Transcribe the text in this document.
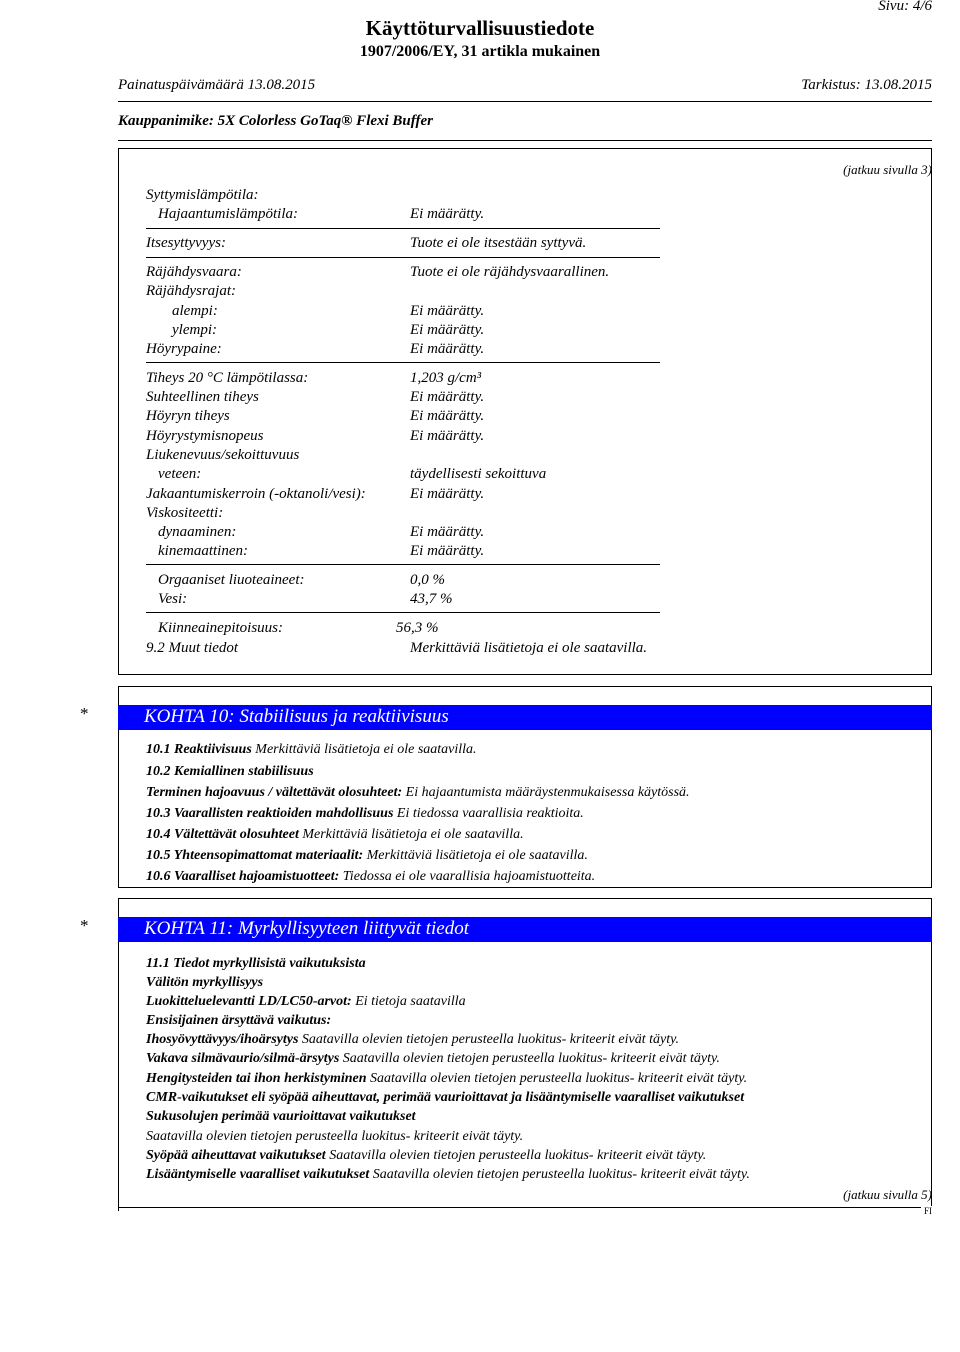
Käyttöturvallisuustiedote
1907/2006/EY, 31 artikla mukainen
Sivu: 4/6
Painatuspäivämäärä 13.08.2015	Tarkistus: 13.08.2015
Kauppanimike: 5X Colorless GoTaq® Flexi Buffer
(jatkuu sivulla 3)
Syttymislämpötila:
Hajaantumislämpötila:	Ei määrätty.
Itsesyttyvyys:	Tuote ei ole itsestään syttyvä.
Räjähdysvaara:	Tuote ei ole räjähdysvaarallinen.
Räjähdysrajat:
alempi:	Ei määrätty.
ylempi:	Ei määrätty.
Höyrypaine:	Ei määrätty.
Tiheys 20 °C lämpötilassa:	1,203 g/cm³
Suhteellinen tiheys	Ei määrätty.
Höyryn tiheys	Ei määrätty.
Höyrystymisnopeus	Ei määrätty.
Liukenevuus/sekoittuvuus
veteen:	täydellisesti sekoittuva
Jakaantumiskerroin (-oktanoli/vesi):	Ei määrätty.
Viskositeetti:
dynaaminen:	Ei määrätty.
kinemaattinen:	Ei määrätty.
Orgaaniset liuoteaineet:	0,0 %
Vesi:	43,7 %
Kiinneainepitoisuus:	56,3 %
9.2 Muut tiedot	Merkittäviä lisätietoja ei ole saatavilla.
*	KOHTA 10: Stabiilisuus ja reaktiivisuus
10.1 Reaktiivisuus Merkittäviä lisätietoja ei ole saatavilla.
10.2 Kemiallinen stabiilisuus
Terminen hajoavuus / vältettävät olosuhteet: Ei hajaantumista määräystenmukaisessa käytössä.
10.3 Vaarallisten reaktioiden mahdollisuus Ei tiedossa vaarallisia reaktioita.
10.4 Vältettävät olosuhteet Merkittäviä lisätietoja ei ole saatavilla.
10.5 Yhteensopimattomat materiaalit: Merkittäviä lisätietoja ei ole saatavilla.
10.6 Vaaralliset hajoamistuotteet: Tiedossa ei ole vaarallisia hajoamistuotteita.
*	KOHTA 11: Myrkyllisyyteen liittyvät tiedot
11.1 Tiedot myrkyllisistä vaikutuksista
Välitön myrkyllisyys
Luokitteluelevantti LD/LC50-arvot: Ei tietoja saatavilla
Ensisijainen ärsyttävä vaikutus:
Ihosyövyttävyys/ihoärsytys Saatavilla olevien tietojen perusteella luokitus- kriteerit eivät täyty.
Vakava silmävaurio/silmä-ärsytys Saatavilla olevien tietojen perusteella luokitus- kriteerit eivät täyty.
Hengitysteiden tai ihon herkistyminen Saatavilla olevien tietojen perusteella luokitus- kriteerit eivät täyty.
CMR-vaikutukset eli syöpää aiheuttavat, perimää vaurioittavat ja lisääntymiselle vaaralliset vaikutukset
Sukusolujen perimää vaurioittavat vaikutukset
Saatavilla olevien tietojen perusteella luokitus- kriteerit eivät täyty.
Syöpää aiheuttavat vaikutukset Saatavilla olevien tietojen perusteella luokitus- kriteerit eivät täyty.
Lisääntymiselle vaaralliset vaikutukset Saatavilla olevien tietojen perusteella luokitus- kriteerit eivät täyty.
(jatkuu sivulla 5)
FI
